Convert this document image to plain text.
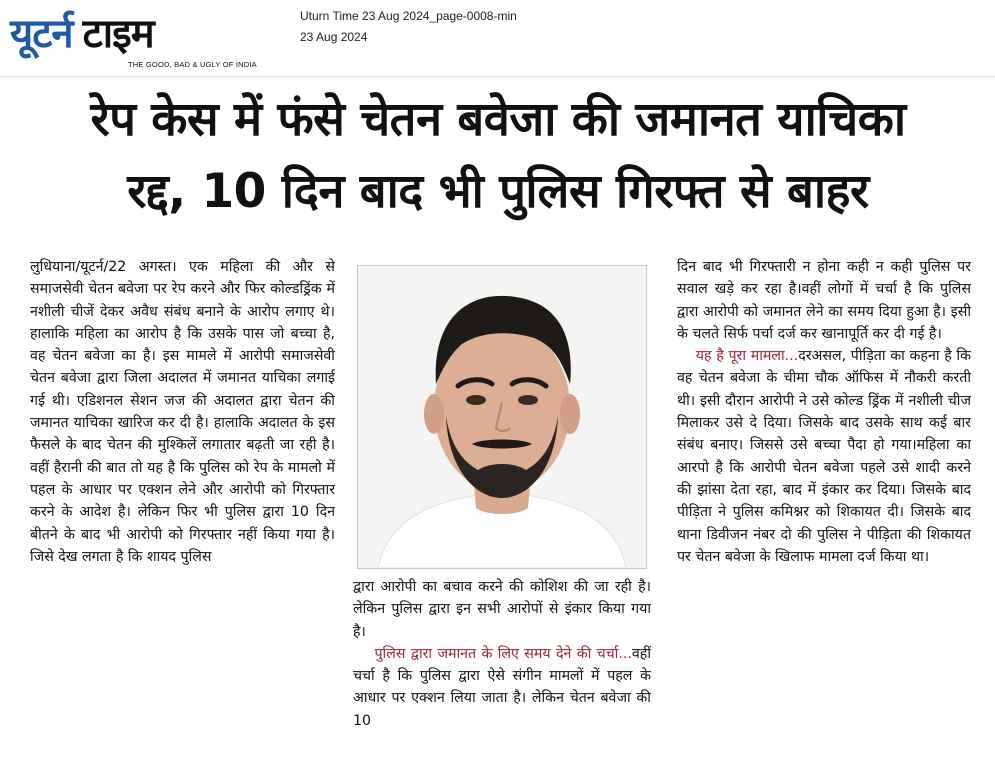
यूटर्न टाइम
THE GOOD, BAD & UGLY OF INDIA
Uturn Time 23 Aug 2024_page-0008-min
23 Aug 2024
रेप केस में फंसे चेतन बवेजा की जमानत याचिका
रद्द, 10 दिन बाद भी पुलिस गिरफ्त से बाहर

लुधियाना/यूटर्न/22 अगस्त। एक महिला की और से समाजसेवी चेतन बवेजा पर रेप करने और फिर कोल्डड्रिंक में नशीली चीजें देकर अवैध संबंध बनाने के आरोप लगाए थे।हालाकि महिला का आरोप है कि उसके पास जो बच्चा है, वह चेतन बवेजा का है। इस मामले में आरोपी समाजसेवी चेतन बवेजा द्वारा जिला अदालत में जमानत याचिका लगाई गई थी। एडिशनल सेशन जज की अदालत द्वारा चेतन की जमानत याचिका खारिज कर दी है। हालाकि अदालत के इस फैसले के बाद चेतन की मुश्किलें लगातार बढ़ती जा रही है। वहीं हैरानी की बात तो यह है कि पुलिस को रेप के मामलो में पहल के आधार पर एक्शन लेने और आरोपी को गिरफ्तार करने के आदेश है। लेकिन फिर भी पुलिस द्वारा 10 दिन बीतने के बाद भी आरोपी को गिरफ्तार नहीं किया गया है।जिसे देख लगता है कि शायद पुलिस

द्वारा आरोपी का बचाव करने की कोशिश की जा रही है। लेकिन पुलिस द्वारा इन सभी आरोपों से इंकार किया गया है।

पुलिस द्वारा जमानत के लिए समय देने की चर्चा...वहीं चर्चा है कि पुलिस द्वारा ऐसे संगीन मामलों में पहल के आधार पर एक्शन लिया जाता है। लेकिन चेतन बवेजा की 10

दिन बाद भी गिरफ्तारी न होना कही न कही पुलिस पर सवाल खड़े कर रहा है।वहीं लोगों में चर्चा है कि पुलिस द्वारा आरोपी को जमानत लेने का समय दिया हुआ है। इसी के चलते सिर्फ पर्चा दर्ज कर खानापूर्ति कर दी गई है।

यह है पूरा मामला...दरअसल, पीड़िता का कहना है कि वह चेतन बवेजा के चीमा चौक ऑफिस में नौकरी करती थी। इसी दौरान आरोपी ने उसे कोल्ड ड्रिंक में नशीली चीज मिलाकर उसे दे दिया। जिसके बाद उसके साथ कई बार संबंध बनाए। जिससे उसे बच्चा पैदा हो गया।महिला का आरपो है कि आरोपी चेतन बवेजा पहले उसे शादी करने की झांसा देता रहा, बाद में इंकार कर दिया। जिसके बाद पीड़िता ने पुलिस कमिश्नर को शिकायत दी। जिसके बाद थाना डिवीजन नंबर दो की पुलिस ने पीड़िता की शिकायत पर चेतन बवेजा के खिलाफ मामला दर्ज किया था।
